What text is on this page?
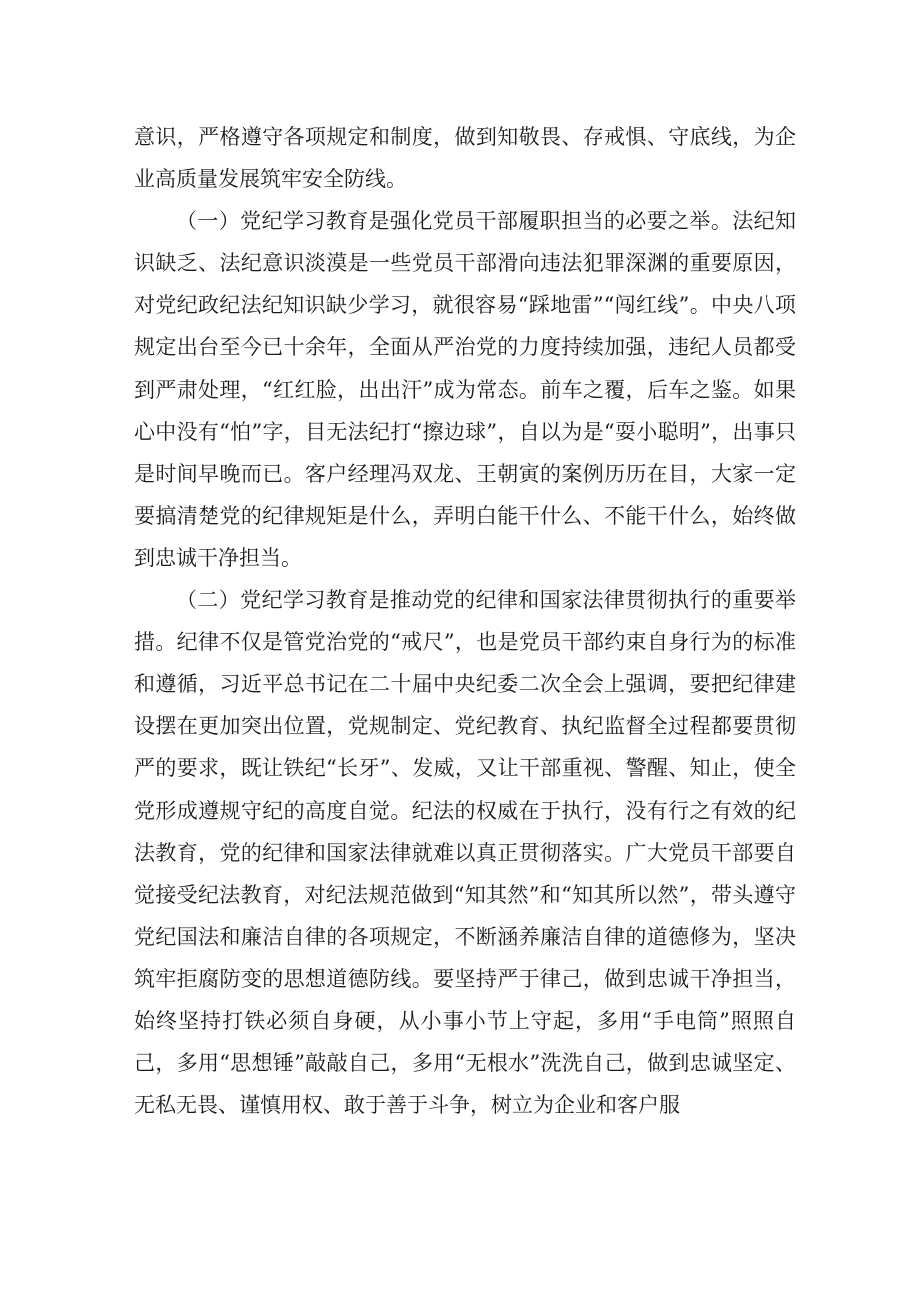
意识，严格遵守各项规定和制度，做到知敬畏、存戒惧、守底线，为企业高质量发展筑牢安全防线。

（一）党纪学习教育是强化党员干部履职担当的必要之举。法纪知识缺乏、法纪意识淡漠是一些党员干部滑向违法犯罪深渊的重要原因，对党纪政纪法纪知识缺少学习，就很容易“踩地雷”“闯红线”。中央八项规定出台至今已十余年，全面从严治党的力度持续加强，违纪人员都受到严肃处理，“红红脸，出出汗”成为常态。前车之覆，后车之鉴。如果心中没有“怕”字，目无法纪打“擦边球”，自以为是“耍小聪明”，出事只是时间早晚而已。客户经理冯双龙、王朝寅的案例历历在目，大家一定要搞清楚党的纪律规矩是什么，弄明白能干什么、不能干什么，始终做到忠诚干净担当。

（二）党纪学习教育是推动党的纪律和国家法律贯彻执行的重要举措。纪律不仅是管党治党的“戒尺”，也是党员干部约束自身行为的标准和遵循，习近平总书记在二十届中央纪委二次全会上强调，要把纪律建设摆在更加突出位置，党规制定、党纪教育、执纪监督全过程都要贯彻严的要求，既让铁纪“长牙”、发威，又让干部重视、警醒、知止，使全党形成遵规守纪的高度自觉。纪法的权威在于执行，没有行之有效的纪法教育，党的纪律和国家法律就难以真正贯彻落实。广大党员干部要自觉接受纪法教育，对纪法规范做到“知其然”和“知其所以然”，带头遵守党纪国法和廉洁自律的各项规定，不断涵养廉洁自律的道德修为，坚决筑牢拒腐防变的思想道德防线。要坚持严于律己，做到忠诚干净担当，始终坚持打铁必须自身硬，从小事小节上守起，多用“手电筒”照照自己，多用“思想锤”敲敲自己，多用“无根水”洗洗自己，做到忠诚坚定、无私无畏、谨慎用权、敢于善于斗争，树立为企业和客户服
